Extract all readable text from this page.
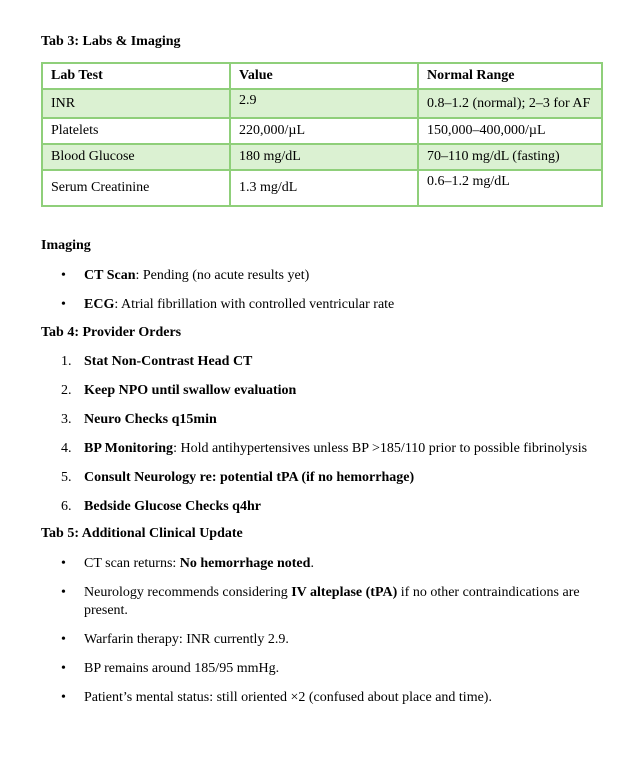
Tab 3: Labs & Imaging

Lab Test	Value	Normal Range
INR	2.9	0.8–1.2 (normal); 2–3 for AF
Platelets	220,000/µL	150,000–400,000/µL
Blood Glucose	180 mg/dL	70–110 mg/dL (fasting)
Serum Creatinine	1.3 mg/dL	0.6–1.2 mg/dL

Imaging

• CT Scan: Pending (no acute results yet)
• ECG: Atrial fibrillation with controlled ventricular rate

Tab 4: Provider Orders

1. Stat Non-Contrast Head CT
2. Keep NPO until swallow evaluation
3. Neuro Checks q15min
4. BP Monitoring: Hold antihypertensives unless BP >185/110 prior to possible fibrinolysis
5. Consult Neurology re: potential tPA (if no hemorrhage)
6. Bedside Glucose Checks q4hr

Tab 5: Additional Clinical Update

• CT scan returns: No hemorrhage noted.
• Neurology recommends considering IV alteplase (tPA) if no other contraindications are present.
• Warfarin therapy: INR currently 2.9.
• BP remains around 185/95 mmHg.
• Patient’s mental status: still oriented ×2 (confused about place and time).
